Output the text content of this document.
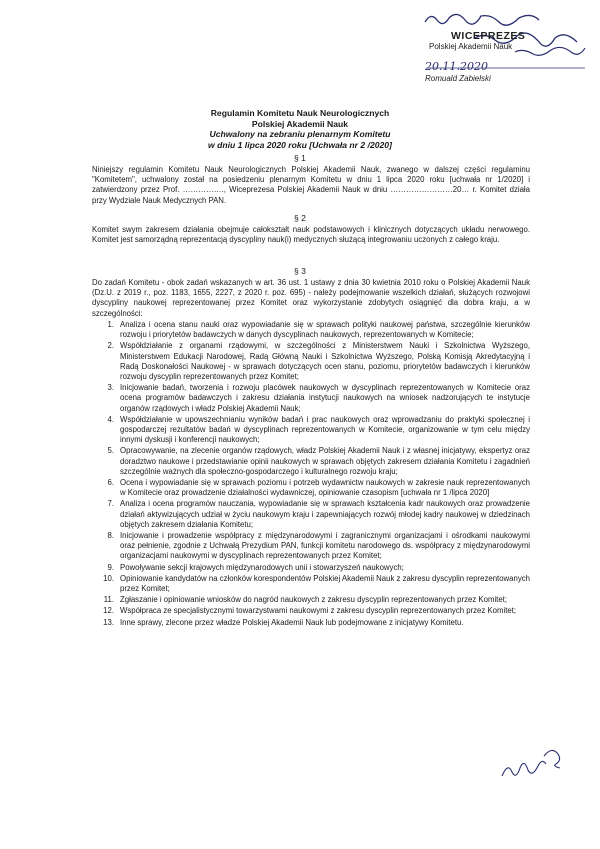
WICEPREZES
Polskiej Akademii Nauk
20.11.2020
Romuald Zabielski
Regulamin Komitetu Nauk Neurologicznych
Polskiej Akademii Nauk
Uchwalony na zebraniu plenarnym Komitetu
w dniu 1 lipca 2020 roku [Uchwała nr 2 /2020]
§ 1

Niniejszy regulamin Komitetu Nauk Neurologicznych Polskiej Akademii Nauk, zwanego w dalszej części regulaminu "Komitetem", uchwalony został na posiedzeniu plenarnym Komitetu w dniu 1 lipca 2020 roku [uchwała nr 1/2020] i zatwierdzony przez Prof. ……………., Wiceprezesa Polskiej Akademii Nauk w dniu ……………………20… r. Komitet działa przy Wydziale Nauk Medycznych PAN.

§ 2

Komitet swym zakresem działania obejmuje całokształt nauk podstawowych i klinicznych dotyczących układu nerwowego. Komitet jest samorządną reprezentacją dyscypliny nauk(i) medycznych służącą integrowaniu uczonych z całego kraju.

§ 3

Do zadań Komitetu - obok zadań wskazanych w art. 36 ust. 1 ustawy z dnia 30 kwietnia 2010 roku o Polskiej Akademii Nauk (Dz.U. z 2019 r., poz. 1183, 1655, 2227, z 2020 r. poz. 695) - należy podejmowanie wszelkich działań, służących rozwojowi dyscypliny naukowej reprezentowanej przez Komitet oraz wykorzystanie zdobytych osiągnięć dla dobra kraju, a w szczególności:

1. Analiza i ocena stanu nauki oraz wypowiadanie się w sprawach polityki naukowej państwa, szczególnie kierunków rozwoju i priorytetów badawczych w danych dyscyplinach naukowych, reprezentowanych w Komitecie;
2. Współdziałanie z organami rządowymi, w szczególności z Ministerstwem Nauki i Szkolnictwa Wyższego, Ministerstwem Edukacji Narodowej, Radą Główną Nauki i Szkolnictwa Wyższego, Polską Komisją Akredytacyjną i Radą Doskonałości Naukowej - w sprawach dotyczących ocen stanu, poziomu, priorytetów badawczych i kierunków rozwoju dyscyplin reprezentowanych przez Komitet;
3. Inicjowanie badań, tworzenia i rozwoju placówek naukowych w dyscyplinach reprezentowanych w Komitecie oraz ocena programów badawczych i zakresu działania instytucji naukowych na wniosek nadzorujących te instytucje organów rządowych i władz Polskiej Akademii Nauk;
4. Współdziałanie w upowszechnianiu wyników badań i prac naukowych oraz wprowadzaniu do praktyki społecznej i gospodarczej rezultatów badań w dyscyplinach reprezentowanych w Komitecie, organizowanie w tym celu między innymi dyskusji i konferencji naukowych;
5. Opracowywanie, na zlecenie organów rządowych, władz Polskiej Akademii Nauk i z własnej inicjatywy, ekspertyz oraz doradztwo naukowe i przedstawianie opinii naukowych w sprawach objętych zakresem działania Komitetu i zagadnień szczególnie ważnych dla społeczno-gospodarczego i kulturalnego rozwoju kraju;
6. Ocena i wypowiadanie się w sprawach poziomu i potrzeb wydawnictw naukowych w zakresie nauk reprezentowanych w Komitecie oraz prowadzenie działalności wydawniczej, opiniowanie czasopism [uchwała nr 1 /lipca 2020]
7. Analiza i ocena programów nauczania, wypowiadanie się w sprawach kształcenia kadr naukowych oraz prowadzenie działań aktywizujących udział w życiu naukowym kraju i zapewniających rozwój młodej kadry naukowej w dziedzinach objętych zakresem działania Komitetu;
8. Inicjowanie i prowadzenie współpracy z międzynarodowymi i zagranicznymi organizacjami i ośrodkami naukowymi oraz pełnienie, zgodnie z Uchwałą Prezydium PAN, funkcji komitetu narodowego ds. współpracy z międzynarodowymi organizacjami naukowymi w dyscyplinach reprezentowanych przez Komitet;
9. Powoływanie sekcji krajowych międzynarodowych unii i stowarzyszeń naukowych;
10. Opiniowanie kandydatów na członków korespondentów Polskiej Akademii Nauk z zakresu dyscyplin reprezentowanych przez Komitet;
11. Zgłaszanie i opiniowanie wniosków do nagród naukowych z zakresu dyscyplin reprezentowanych przez Komitet;
12. Współpraca ze specjalistycznymi towarzystwami naukowymi z zakresu dyscyplin reprezentowanych przez Komitet;
13. Inne sprawy, zlecone przez władze Polskiej Akademii Nauk lub podejmowane z inicjatywy Komitetu.
